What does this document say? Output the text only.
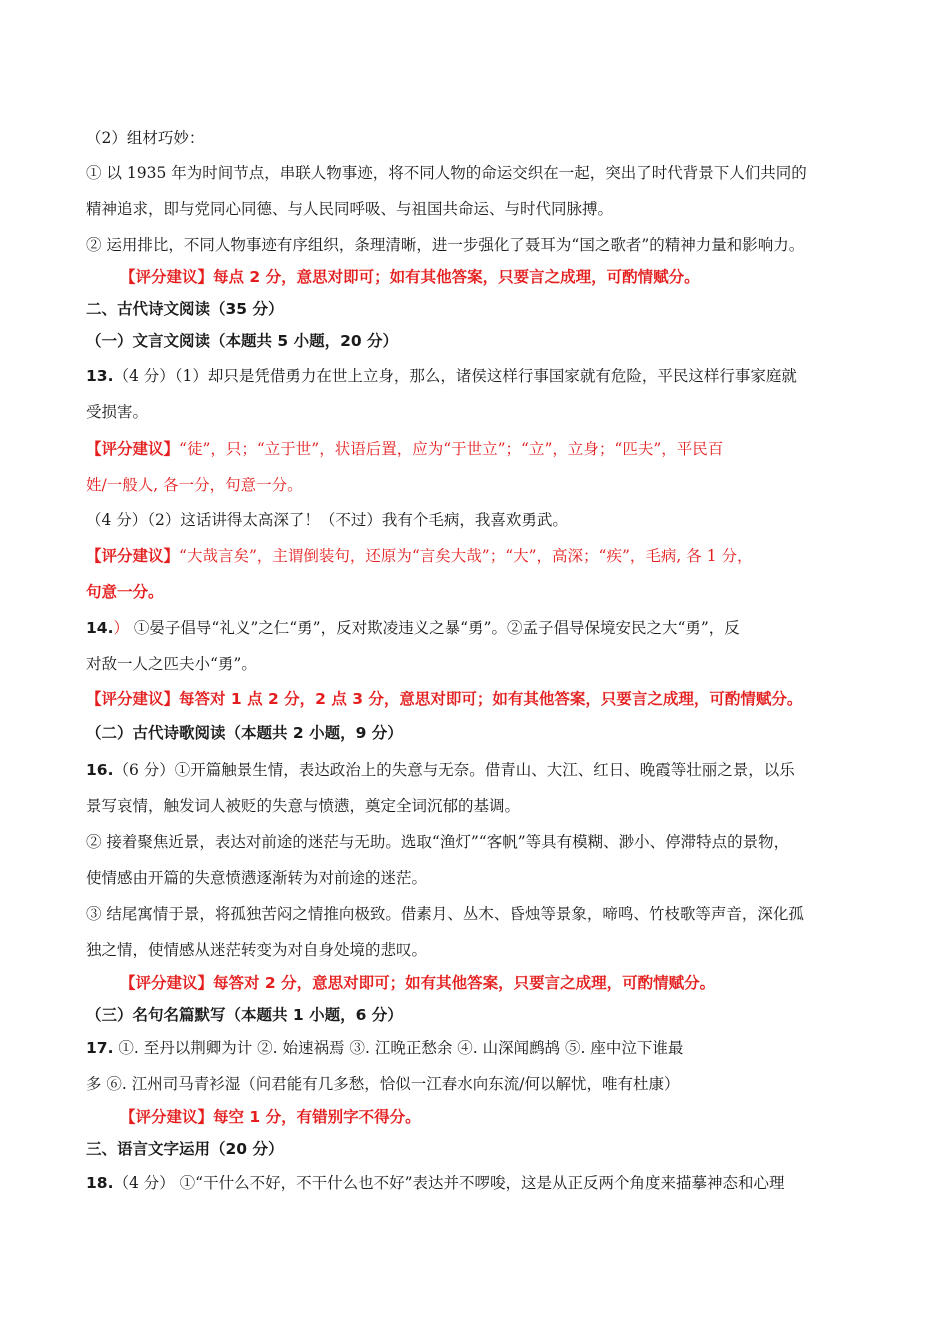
（2）组材巧妙：
① 以 1935 年为时间节点，串联人物事迹，将不同人物的命运交织在一起，突出了时代背景下人们共同的
精神追求，即与党同心同德、与人民同呼吸、与祖国共命运、与时代同脉搏。
② 运用排比，不同人物事迹有序组织，条理清晰，进一步强化了聂耳为“国之歌者”的精神力量和影响力。
【评分建议】每点 2 分，意思对即可；如有其他答案，只要言之成理，可酌情赋分。
二、古代诗文阅读（35 分）
（一）文言文阅读（本题共 5 小题，20 分）
13.（4 分）（1）却只是凭借勇力在世上立身，那么，诸侯这样行事国家就有危险，平民这样行事家庭就
受损害。
【评分建议】“徒”，只；“立于世”，状语后置，应为“于世立”；“立”，立身；“匹夫”，平民百
姓/一般人, 各一分，句意一分。
（4 分）（2）这话讲得太高深了！（不过）我有个毛病，我喜欢勇武。
【评分建议】“大哉言矣”，主谓倒装句，还原为“言矣大哉”；“大”，高深；“疾”，毛病, 各 1 分，
句意一分。
14.） ①晏子倡导“礼义”之仁“勇”，反对欺凌违义之暴“勇”。②孟子倡导保境安民之大“勇”，反
对敌一人之匹夫小“勇”。
【评分建议】每答对 1 点 2 分，2 点 3 分，意思对即可；如有其他答案，只要言之成理，可酌情赋分。
（二）古代诗歌阅读（本题共 2 小题，9 分）
16.（6 分）①开篇触景生情，表达政治上的失意与无奈。借青山、大江、红日、晚霞等壮丽之景，以乐
景写哀情，触发词人被贬的失意与愤懑，奠定全词沉郁的基调。
② 接着聚焦近景，表达对前途的迷茫与无助。选取“渔灯”“客帆”等具有模糊、渺小、停滞特点的景物，
使情感由开篇的失意愤懑逐渐转为对前途的迷茫。
③ 结尾寓情于景，将孤独苦闷之情推向极致。借素月、丛木、昏烛等景象，啼鸣、竹枝歌等声音，深化孤
独之情，使情感从迷茫转变为对自身处境的悲叹。
【评分建议】每答对 2 分，意思对即可；如有其他答案，只要言之成理，可酌情赋分。
（三）名句名篇默写（本题共 1 小题，6 分）
17. ①. 至丹以荆卿为计 ②. 始速祸焉 ③. 江晚正愁余 ④. 山深闻鹧鸪 ⑤. 座中泣下谁最
多 ⑥. 江州司马青衫湿（问君能有几多愁，恰似一江春水向东流/何以解忧，唯有杜康）
【评分建议】每空 1 分，有错别字不得分。
三、语言文字运用（20 分）
18.（4 分） ①“干什么不好，不干什么也不好”表达并不啰唆，这是从正反两个角度来描摹神态和心理
